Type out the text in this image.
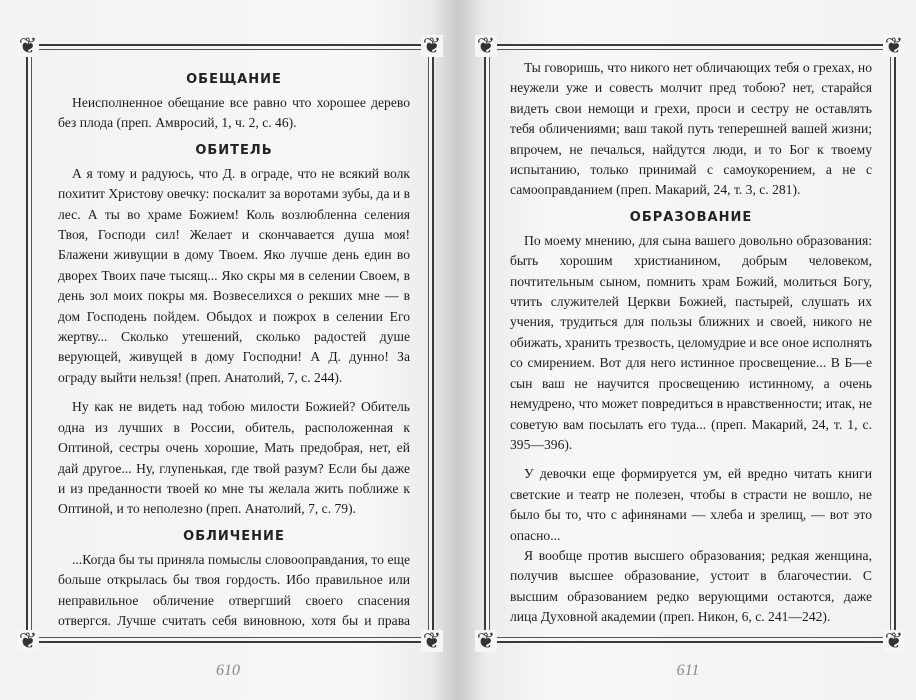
❦	❦
❦	❦
ОБЕЩАНИЕ

Неисполненное обещание все равно что хорошее дерево без плода (преп. Амвросий, 1, ч. 2, с. 46).

ОБИТЕЛЬ

А я тому и радуюсь, что Д. в ограде, что не всякий волк похитит Христову овечку: поскалит за воротами зубы, да и в лес. А ты во храме Божием! Коль возлюбленна селения Твоя, Господи сил! Желает и скончавается душа моя! Блажени живущии в дому Твоем. Яко лучше день един во дворех Твоих паче тысящ... Яко скры мя в селении Своем, в день зол моих покры мя. Возвеселихся о рекших мне — в дом Господень пойдем. Обыдох и пожрох в селении Его жертву... Сколько утешений, сколько радостей душе верующей, живущей в дому Господни! А Д. дунно! За ограду выйти нельзя! (преп. Анатолий, 7, с. 244).

Ну как не видеть над тобою милости Божией? Обитель одна из лучших в России, обитель, расположенная к Оптиной, сестры очень хорошие, Мать предобрая, нет, ей дай другое... Ну, глупенькая, где твой разум? Если бы даже и из преданности твоей ко мне ты желала жить поближе к Оптиной, и то неполезно (преп. Анатолий, 7, с. 79).

ОБЛИЧЕНИЕ

...Когда бы ты приняла помыслы словооправдания, то еще больше открылась бы твоя гордость. Ибо правильное или неправильное обличение отвергший своего спасения отвергся. Лучше считать себя виновною, хотя бы и права

610
❦	❦
❦	❦

Ты говоришь, что никого нет обличающих тебя о грехах, но неужели уже и совесть молчит пред тобою? нет, старайся видеть свои немощи и грехи, проси и сестру не оставлять тебя обличениями; ваш такой путь теперешней вашей жизни; впрочем, не печалься, найдутся люди, и то Бог к твоему испытанию, только принимай с самоукорением, а не с самооправданием (преп. Макарий, 24, т. 3, с. 281).

ОБРАЗОВАНИЕ

По моему мнению, для сына вашего довольно образования: быть хорошим христианином, добрым человеком, почтительным сыном, помнить храм Божий, молиться Богу, чтить служителей Церкви Божией, пастырей, слушать их учения, трудиться для пользы ближних и своей, никого не обижать, хранить трезвость, целомудрие и все оное исполнять со смирением. Вот для него истинное просвещение... В Б—е сын ваш не научится просвещению истинному, а очень немудрено, что может повредиться в нравственности; итак, не советую вам посылать его туда... (преп. Макарий, 24, т. 1, с. 395—396).

У девочки еще формируется ум, ей вредно читать книги светские и театр не полезен, чтобы в страсти не вошло, не было бы то, что с афинянами — хлеба и зрелищ, — вот это опасно...

Я вообще против высшего образования; редкая женщина, получив высшее образование, устоит в благочестии. С высшим образованием редко верующими остаются, даже лица Духовной академии (преп. Никон, 6, с. 241—242).

611
